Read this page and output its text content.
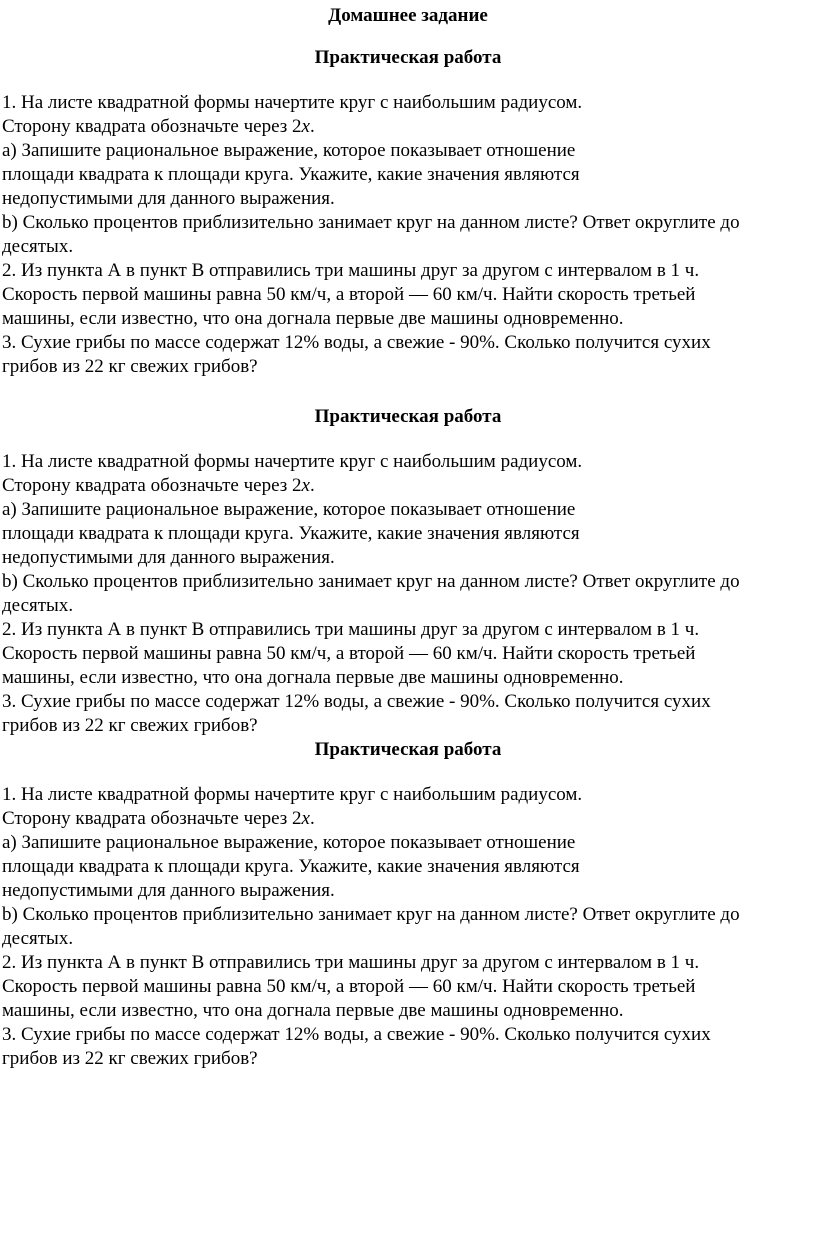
Домашнее задание
Практическая работа
1. На листе квадратной формы начертите круг с наибольшим радиусом.
Сторону квадрата обозначьте через 2x.
а) Запишите рациональное выражение, которое показывает отношение
площади квадрата к площади круга. Укажите, какие значения являются
недопустимыми для данного выражения.
b) Сколько процентов приблизительно занимает круг на данном листе? Ответ округлите до
десятых.
2. Из пункта А в пункт В отправились три машины друг за другом с интервалом в 1 ч.
Скорость первой машины равна 50 км/ч, а второй — 60 км/ч. Найти скорость третьей
машины, если известно, что она догнала первые две машины одновременно.
3. Сухие грибы по массе содержат 12% воды, а свежие - 90%. Сколько получится сухих
грибов из 22 кг свежих грибов?
Практическая работа
1. На листе квадратной формы начертите круг с наибольшим радиусом.
Сторону квадрата обозначьте через 2x.
а) Запишите рациональное выражение, которое показывает отношение
площади квадрата к площади круга. Укажите, какие значения являются
недопустимыми для данного выражения.
b) Сколько процентов приблизительно занимает круг на данном листе? Ответ округлите до
десятых.
2. Из пункта А в пункт В отправились три машины друг за другом с интервалом в 1 ч.
Скорость первой машины равна 50 км/ч, а второй — 60 км/ч. Найти скорость третьей
машины, если известно, что она догнала первые две машины одновременно.
3. Сухие грибы по массе содержат 12% воды, а свежие - 90%. Сколько получится сухих
грибов из 22 кг свежих грибов?
Практическая работа
1. На листе квадратной формы начертите круг с наибольшим радиусом.
Сторону квадрата обозначьте через 2x.
а) Запишите рациональное выражение, которое показывает отношение
площади квадрата к площади круга. Укажите, какие значения являются
недопустимыми для данного выражения.
b) Сколько процентов приблизительно занимает круг на данном листе? Ответ округлите до
десятых.
2. Из пункта А в пункт В отправились три машины друг за другом с интервалом в 1 ч.
Скорость первой машины равна 50 км/ч, а второй — 60 км/ч. Найти скорость третьей
машины, если известно, что она догнала первые две машины одновременно.
3. Сухие грибы по массе содержат 12% воды, а свежие - 90%. Сколько получится сухих
грибов из 22 кг свежих грибов?
